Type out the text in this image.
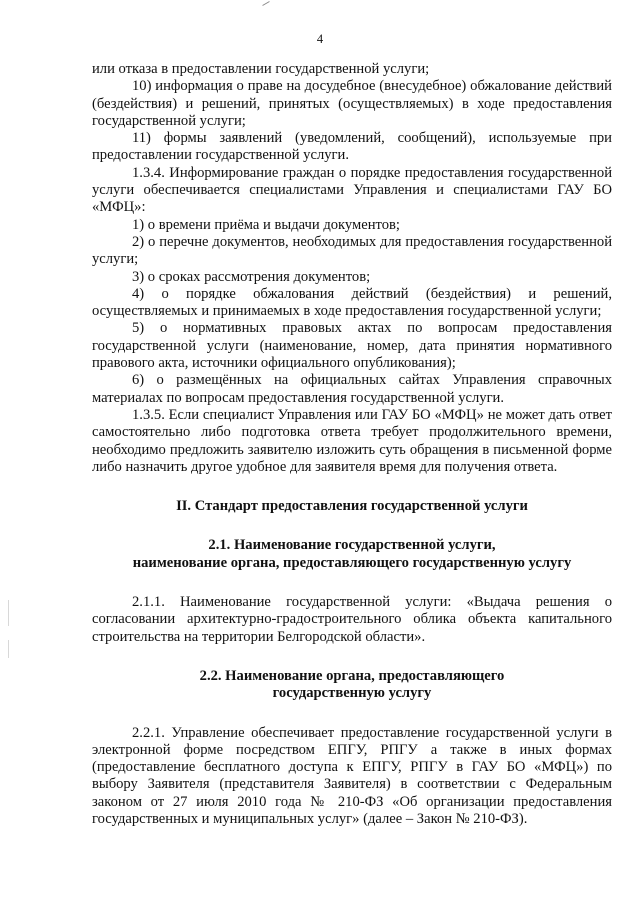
4

или отказа в предоставлении государственной услуги;

10) информация о праве на досудебное (внесудебное) обжалование действий (бездействия) и решений, принятых (осуществляемых) в ходе предоставления государственной услуги;

11) формы заявлений (уведомлений, сообщений), используемые при предоставлении государственной услуги.

1.3.4. Информирование граждан о порядке предоставления государственной услуги обеспечивается специалистами Управления и специалистами ГАУ БО «МФЦ»:

1) о времени приёма и выдачи документов;

2) о перечне документов, необходимых для предоставления государственной услуги;

3) о сроках рассмотрения документов;

4) о порядке обжалования действий (бездействия) и решений, осуществляемых и принимаемых в ходе предоставления государственной услуги;

5) о нормативных правовых актах по вопросам предоставления государственной услуги (наименование, номер, дата принятия нормативного правового акта, источники официального опубликования);

6) о размещённых на официальных сайтах Управления справочных материалах по вопросам предоставления государственной услуги.

1.3.5. Если специалист Управления или ГАУ БО «МФЦ» не может дать ответ самостоятельно либо подготовка ответа требует продолжительного времени, необходимо предложить заявителю изложить суть обращения в письменной форме либо назначить другое удобное для заявителя время для получения ответа.

II. Стандарт предоставления государственной услуги
2.1. Наименование государственной услуги,
наименование органа, предоставляющего государственную услугу

2.1.1. Наименование государственной услуги: «Выдача решения о согласовании архитектурно-градостроительного облика объекта капитального строительства на территории Белгородской области».

2.2. Наименование органа, предоставляющего
государственную услугу

2.2.1. Управление обеспечивает предоставление государственной услуги в электронной форме посредством ЕПГУ, РПГУ а также в иных формах (предоставление бесплатного доступа к ЕПГУ, РПГУ в ГАУ БО «МФЦ») по выбору Заявителя (представителя Заявителя) в соответствии с Федеральным законом от 27 июля 2010 года № 210-ФЗ «Об организации предоставления государственных и муниципальных услуг» (далее – Закон № 210-ФЗ).
